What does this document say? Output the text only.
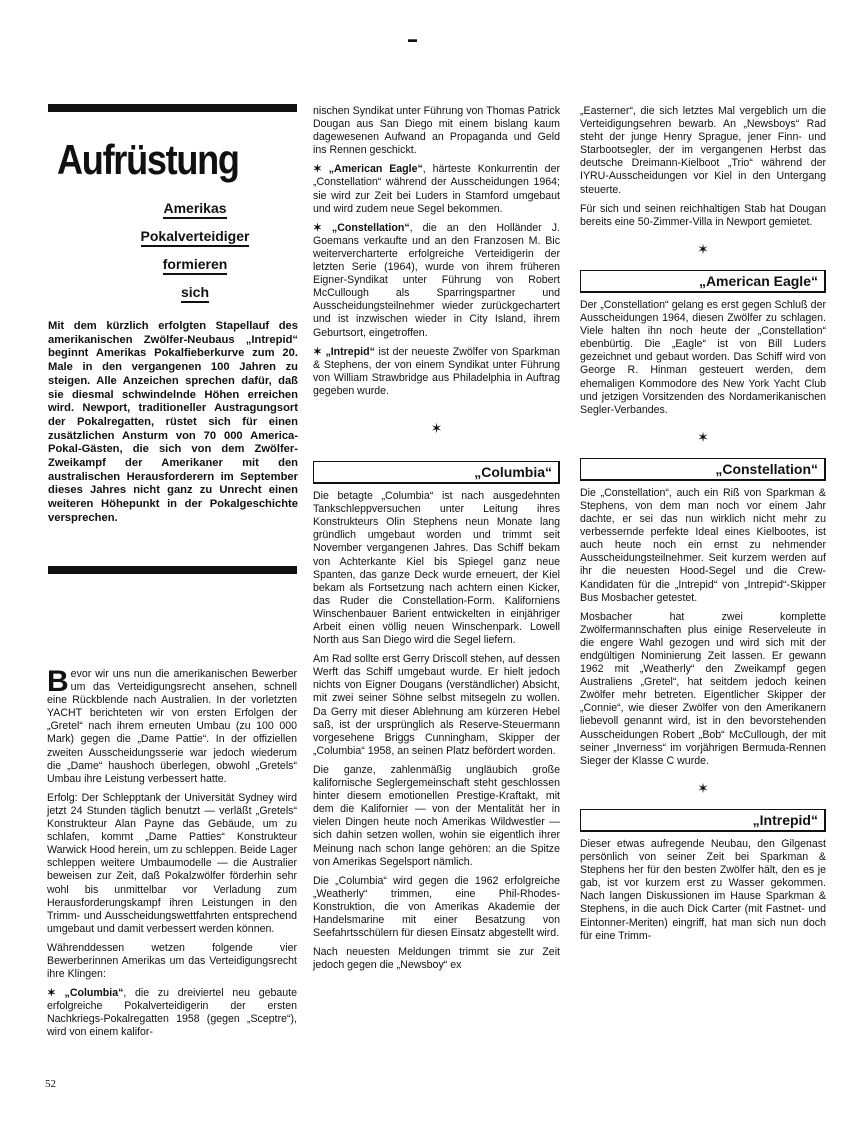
▬
Aufrüstung
Amerikas
Pokalverteidiger
formieren
sich
Mit dem kürzlich erfolgten Stapellauf des amerikanischen Zwölfer-Neubaus „Intrepid“ beginnt Amerikas Pokalfieberkurve zum 20. Male in den vergangenen 100 Jahren zu steigen. Alle Anzeichen sprechen dafür, daß sie diesmal schwindelnde Höhen erreichen wird. Newport, traditioneller Austragungsort der Pokalregatten, rüstet sich für einen zusätzlichen Ansturm von 70 000 America-Pokal-Gästen, die sich von dem Zwölfer-Zweikampf der Amerikaner mit den australischen Herausforderern im September dieses Jahres nicht ganz zu Unrecht einen weiteren Höhepunkt in der Pokalgeschichte versprechen.

Bevor wir uns nun die amerikanischen Bewerber um das Verteidigungsrecht ansehen, schnell eine Rückblende nach Australien. In der vorletzten YACHT berichteten wir von ersten Erfolgen der „Gretel“ nach ihrem erneuten Umbau (zu 100 000 Mark) gegen die „Dame Pattie“. In der offiziellen zweiten Ausscheidungsserie war jedoch wiederum die „Dame“ haushoch überlegen, obwohl „Gretels“ Umbau ihre Leistung verbessert hatte.

Erfolg: Der Schlepptank der Universität Sydney wird jetzt 24 Stunden täglich benutzt — verläßt „Gretels“ Konstrukteur Alan Payne das Gebäude, um zu schlafen, kommt „Dame Patties“ Konstrukteur Warwick Hood herein, um zu schleppen. Beide Lager schleppen weitere Umbaumodelle — die Australier beweisen zur Zeit, daß Pokalzwölfer förderhin sehr wohl bis unmittelbar vor Verladung zum Herausforderungskampf ihren Leistungen in den Trimm- und Ausscheidungswettfahrten entsprechend umgebaut und damit verbessert werden können.

Währenddessen wetzen folgende vier Bewerberinnen Amerikas um das Verteidigungsrecht ihre Klingen:

✶ „Columbia“, die zu dreiviertel neu gebaute erfolgreiche Pokalverteidigerin der ersten Nachkriegs-Pokalregatten 1958 (gegen „Sceptre“), wird von einem kalifor-

nischen Syndikat unter Führung von Thomas Patrick Dougan aus San Diego mit einem bislang kaum dagewesenen Aufwand an Propaganda und Geld ins Rennen geschickt.

✶ „American Eagle“, härteste Konkurrentin der „Constellation“ während der Ausscheidungen 1964; sie wird zur Zeit bei Luders in Stamford umgebaut und wird zudem neue Segel bekommen.

✶ „Constellation“, die an den Holländer J. Goemans verkaufte und an den Franzosen M. Bic weitervercharterte erfolgreiche Verteidigerin der letzten Serie (1964), wurde von ihrem früheren Eigner-Syndikat unter Führung von Robert McCullough als Sparringspartner und Ausscheidungsteilnehmer wieder zurückgechartert und ist inzwischen wieder in City Island, ihrem Geburtsort, eingetroffen.

✶ „Intrepid“ ist der neueste Zwölfer von Sparkman & Stephens, der von einem Syndikat unter Führung von William Strawbridge aus Philadelphia in Auftrag gegeben wurde.

✶
„Columbia“

Die betagte „Columbia“ ist nach ausgedehnten Tankschleppversuchen unter Leitung ihres Konstrukteurs Olin Stephens neun Monate lang gründlich umgebaut worden und trimmt seit November vergangenen Jahres. Das Schiff bekam von Achterkante Kiel bis Spiegel ganz neue Spanten, das ganze Deck wurde erneuert, der Kiel bekam als Fortsetzung nach achtern einen Kicker, das Ruder die Constellation-Form. Kaliforniens Winschenbauer Barient entwickelten in einjähriger Arbeit einen völlig neuen Winschenpark. Lowell North aus San Diego wird die Segel liefern.

Am Rad sollte erst Gerry Driscoll stehen, auf dessen Werft das Schiff umgebaut wurde. Er hielt jedoch nichts von Eigner Dougans (verständlicher) Absicht, mit zwei seiner Söhne selbst mitsegeln zu wollen. Da Gerry mit dieser Ablehnung am kürzeren Hebel saß, ist der ursprünglich als Reserve-Steuermann vorgesehene Briggs Cunningham, Skipper der „Columbia“ 1958, an seinen Platz befördert worden.

Die ganze, zahlenmäßig ungläubich große kalifornische Seglergemeinschaft steht geschlossen hinter diesem emotionellen Prestige-Kraftakt, mit dem die Kalifornier — von der Mentalität her in vielen Dingen heute noch Amerikas Wildwestler — sich dahin setzen wollen, wohin sie eigentlich ihrer Meinung nach schon lange gehören: an die Spitze von Amerikas Segelsport nämlich.

Die „Columbia“ wird gegen die 1962 erfolgreiche „Weatherly“ trimmen, eine Phil-Rhodes-Konstruktion, die von Amerikas Akademie der Handelsmarine mit einer Besatzung von Seefahrtsschülern für diesen Einsatz abgestellt wird.

Nach neuesten Meldungen trimmt sie zur Zeit jedoch gegen die „Newsboy“ ex

„Easterner“, die sich letztes Mal vergeblich um die Verteidigungsehren bewarb. An „Newsboys“ Rad steht der junge Henry Sprague, jener Finn- und Starbootsegler, der im vergangenen Herbst das deutsche Dreimann-Kielboot „Trio“ während der IYRU-Ausscheidungen vor Kiel in den Untergang steuerte.

Für sich und seinen reichhaltigen Stab hat Dougan bereits eine 50-Zimmer-Villa in Newport gemietet.

✶
„American Eagle“

Der „Constellation“ gelang es erst gegen Schluß der Ausscheidungen 1964, diesen Zwölfer zu schlagen. Viele halten ihn noch heute der „Constellation“ ebenbürtig. Die „Eagle“ ist von Bill Luders gezeichnet und gebaut worden. Das Schiff wird von George R. Hinman gesteuert werden, dem ehemaligen Kommodore des New York Yacht Club und jetzigen Vorsitzenden des Nordamerikanischen Segler-Verbandes.

✶
„Constellation“

Die „Constellation“, auch ein Riß von Sparkman & Stephens, von dem man noch vor einem Jahr dachte, er sei das nun wirklich nicht mehr zu verbessernde perfekte Ideal eines Kielbootes, ist auch heute noch ein ernst zu nehmender Ausscheidungsteilnehmer. Seit kurzem werden auf ihr die neuesten Hood-Segel und die Crew-Kandidaten für die „Intrepid“ von „Intrepid“-Skipper Bus Mosbacher getestet.

Mosbacher hat zwei komplette Zwölfermannschaften plus einige Reserveleute in die engere Wahl gezogen und wird sich mit der endgültigen Nominierung Zeit lassen. Er gewann 1962 mit „Weatherly“ den Zweikampf gegen Australiens „Gretel“, hat seitdem jedoch keinen Zwölfer mehr betreten. Eigentlicher Skipper der „Connie“, wie dieser Zwölfer von den Amerikanern liebevoll genannt wird, ist in den bevorstehenden Ausscheidungen Robert „Bob“ McCullough, der mit seiner „Inverness“ im vorjährigen Bermuda-Rennen Sieger der Klasse C wurde.

✶
„Intrepid“

Dieser etwas aufregende Neubau, den Gilgenast persönlich von seiner Zeit bei Sparkman & Stephens her für den besten Zwölfer hält, den es je gab, ist vor kurzem erst zu Wasser gekommen. Nach langen Diskussionen im Hause Sparkman & Stephens, in die auch Dick Carter (mit Fastnet- und Eintonner-Meriten) eingriff, hat man sich nun doch für eine Trimm-

52
